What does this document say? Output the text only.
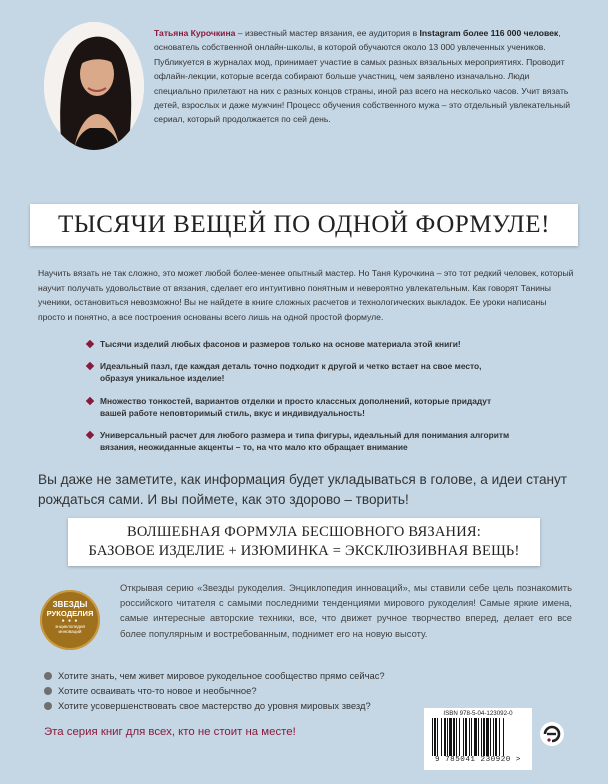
Татьяна Курочкина – известный мастер вязания, ее аудитория в Instagram более 116 000 человек, основатель собственной онлайн-школы, в которой обучаются около 13 000 увлеченных учеников. Публикуется в журналах мод, принимает участие в самых разных вязальных мероприятиях. Проводит офлайн-лекции, которые всегда собирают больше участниц, чем заявлено изначально. Люди специально прилетают на них с разных концов страны, иной раз всего на несколько часов. Учит вязать детей, взрослых и даже мужчин! Процесс обучения собственного мужа – это отдельный увлекательный сериал, который продолжается по сей день.
ТЫСЯЧИ ВЕЩЕЙ ПО ОДНОЙ ФОРМУЛЕ!
Научить вязать не так сложно, это может любой более-менее опытный мастер. Но Таня Курочкина – это тот редкий человек, который научит получать удовольствие от вязания, сделает его интуитивно понятным и невероятно увлекательным. Как говорят Танины ученики, остановиться невозможно! Вы не найдете в книге сложных расчетов и технологических выкладок. Ее уроки написаны просто и понятно, а все построения основаны всего лишь на одной простой формуле.
Тысячи изделий любых фасонов и размеров только на основе материала этой книги!
Идеальный пазл, где каждая деталь точно подходит к другой и четко встает на свое место, образуя уникальное изделие!
Множество тонкостей, вариантов отделки и просто классных дополнений, которые придадут вашей работе неповторимый стиль, вкус и индивидуальность!
Универсальный расчет для любого размера и типа фигуры, идеальный для понимания алгоритм вязания, неожиданные акценты – то, на что мало кто обращает внимание
Вы даже не заметите, как информация будет укладываться в голове, а идеи станут рождаться сами. И вы поймете, как это здорово – творить!
ВОЛШЕБНАЯ ФОРМУЛА БЕСШОВНОГО ВЯЗАНИЯ:
БАЗОВОЕ ИЗДЕЛИЕ + ИЗЮМИНКА = ЭКСКЛЮЗИВНАЯ ВЕЩЬ!
ЗВЕЗДЫ
РУКОДЕЛИЯ
● ● ●
энциклопедия
инноваций
Открывая серию «Звезды рукоделия. Энциклопедия инноваций», мы ставили себе цель познакомить российского читателя с самыми последними тенденциями мирового рукоделия! Самые яркие имена, самые интересные авторские техники, все, что движет ручное творчество вперед, делает его все более популярным и востребованным, поднимет его на новую высоту.
Хотите знать, чем живет мировое рукодельное сообщество прямо сейчас?
Хотите осваивать что-то новое и необычное?
Хотите усовершенствовать свое мастерство до уровня мировых звезд?
Эта серия книг для всех, кто не стоит на месте!
ISBN 978-5-04-123092-0
9 785041 230920 >
